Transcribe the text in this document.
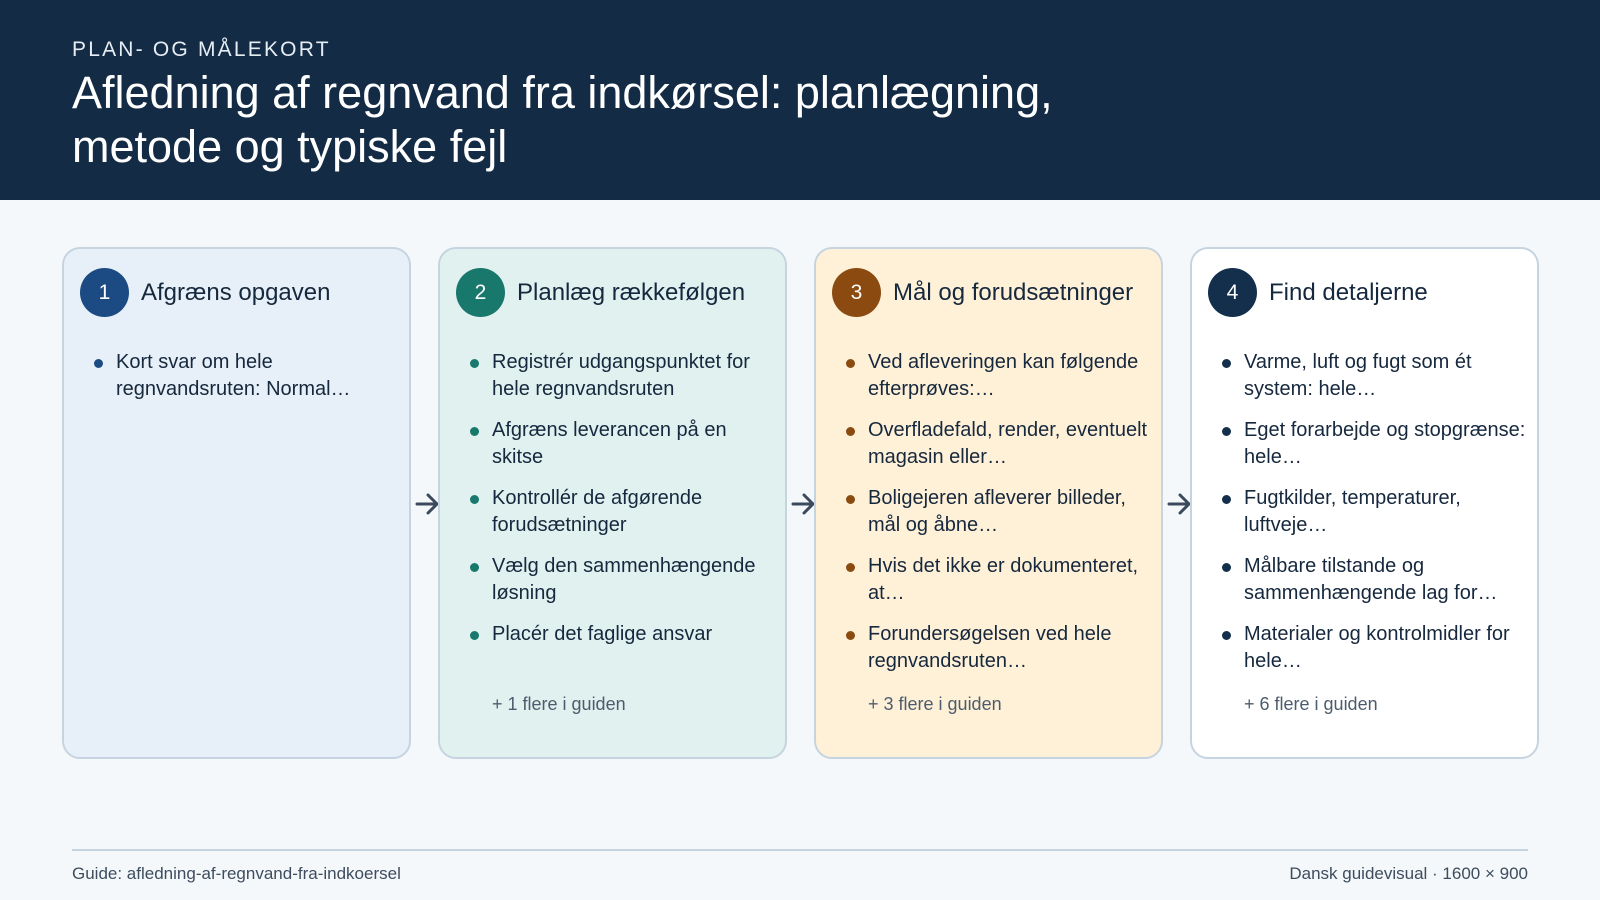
PLAN- OG MÅLEKORT
Afledning af regnvand fra indkørsel: planlægning, metode og typiske fejl
1	Afgræns opgaven
Kort svar om hele regnvandsruten: Normal…
2	Planlæg rækkefølgen
Registrér udgangspunktet for hele regnvandsruten
Afgræns leverancen på en skitse
Kontrollér de afgørende forudsætninger
Vælg den sammenhængende løsning
Placér det faglige ansvar
+ 1 flere i guiden
3	Mål og forudsætninger
Ved afleveringen kan følgende efterprøves:…
Overfladefald, render, eventuelt magasin eller…
Boligejeren afleverer billeder, mål og åbne…
Hvis det ikke er dokumenteret, at…
Forundersøgelsen ved hele regnvandsruten…
+ 3 flere i guiden
4	Find detaljerne
Varme, luft og fugt som ét system: hele…
Eget forarbejde og stopgrænse: hele…
Fugtkilder, temperaturer, luftveje…
Målbare tilstande og sammenhængende lag for…
Materialer og kontrolmidler for hele…
+ 6 flere i guiden
Guide: afledning-af-regnvand-fra-indkoersel	Dansk guidevisual · 1600 × 900
